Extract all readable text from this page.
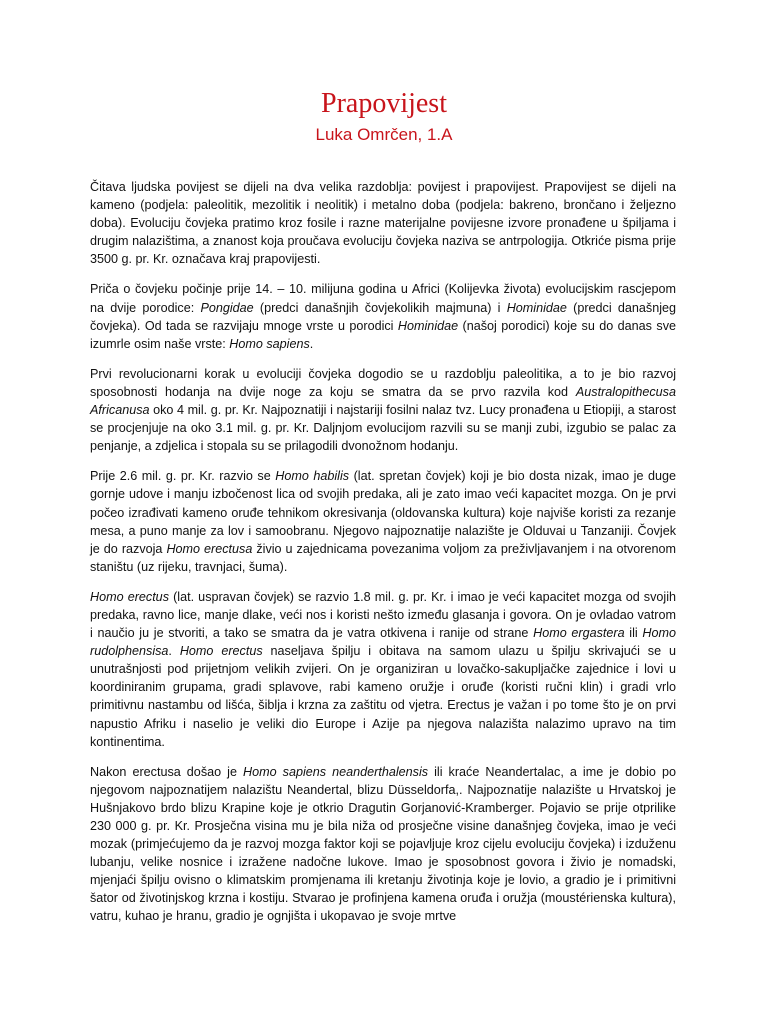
Prapovijest
Luka Omrčen, 1.A

Čitava ljudska povijest se dijeli na dva velika razdoblja: povijest i prapovijest. Prapovijest se dijeli na kameno (podjela: paleolitik, mezolitik i neolitik) i metalno doba (podjela: bakreno, brončano i željezno doba). Evoluciju čovjeka pratimo kroz fosile i razne materijalne povijesne izvore pronađene u špiljama i drugim nalazištima, a znanost koja proučava evoluciju čovjeka naziva se antrpologija. Otkriće pisma prije 3500 g. pr. Kr. označava kraj prapovijesti.

Priča o čovjeku počinje prije 14. – 10. milijuna godina u Africi (Kolijevka života) evolucijskim rascjepom na dvije porodice: Pongidae (predci današnjih čovjekolikih majmuna) i Hominidae (predci današnjeg čovjeka). Od tada se razvijaju mnoge vrste u porodici Hominidae (našoj porodici) koje su do danas sve izumrle osim naše vrste: Homo sapiens.

Prvi revolucionarni korak u evoluciji čovjeka dogodio se u razdoblju paleolitika, a to je bio razvoj sposobnosti hodanja na dvije noge za koju se smatra da se prvo razvila kod Australopithecusa Africanusa oko 4 mil. g. pr. Kr. Najpoznatiji i najstariji fosilni nalaz tvz. Lucy pronađena u Etiopiji, a starost se procjenjuje na oko 3.1 mil. g. pr. Kr. Daljnjom evolucijom razvili su se manji zubi, izgubio se palac za penjanje, a zdjelica i stopala su se prilagodili dvonožnom hodanju.

Prije 2.6 mil. g. pr. Kr. razvio se Homo habilis (lat. spretan čovjek) koji je bio dosta nizak, imao je duge gornje udove i manju izbočenost lica od svojih predaka, ali je zato imao veći kapacitet mozga. On je prvi počeo izrađivati kameno oruđe tehnikom okresivanja (oldovanska kultura) koje najviše koristi za rezanje mesa, a puno manje za lov i samoobranu. Njegovo najpoznatije nalazište je Olduvai u Tanzaniji. Čovjek je do razvoja Homo erectusa živio u zajednicama povezanima voljom za preživljavanjem i na otvorenom staništu (uz rijeku, travnjaci, šuma).

Homo erectus (lat. uspravan čovjek) se razvio 1.8 mil. g. pr. Kr. i imao je veći kapacitet mozga od svojih predaka, ravno lice, manje dlake, veći nos i koristi nešto između glasanja i govora. On je ovladao vatrom i naučio ju je stvoriti, a tako se smatra da je vatra otkivena i ranije od strane Homo ergastera ili Homo rudolphensisa. Homo erectus naseljava špilju i obitava na samom ulazu u špilju skrivajući se u unutrašnjosti pod prijetnjom velikih zvijeri. On je organiziran u lovačko-sakupljačke zajednice i lovi u koordiniranim grupama, gradi splavove, rabi kameno oružje i oruđe (koristi ručni klin) i gradi vrlo primitivnu nastambu od lišća, šiblja i krzna za zaštitu od vjetra. Erectus je važan i po tome što je on prvi napustio Afriku i naselio je veliki dio Europe i Azije pa njegova nalazišta nalazimo upravo na tim kontinentima.

Nakon erectusa došao je Homo sapiens neanderthalensis ili kraće Neandertalac, a ime je dobio po njegovom najpoznatijem nalazištu Neandertal, blizu Düsseldorfa,. Najpoznatije nalazište u Hrvatskoj je Hušnjakovo brdo blizu Krapine koje je otkrio Dragutin Gorjanović-Kramberger. Pojavio se prije otprilike 230 000 g. pr. Kr. Prosječna visina mu je bila niža od prosječne visine današnjeg čovjeka, imao je veći mozak (primjećujemo da je razvoj mozga faktor koji se pojavljuje kroz cijelu evoluciju čovjeka) i izduženu lubanju, velike nosnice i izražene nadočne lukove. Imao je sposobnost govora i živio je nomadski, mjenjaći špilju ovisno o klimatskim promjenama ili kretanju životinja koje je lovio, a gradio je i primitivni šator od životinjskog krzna i kostiju. Stvarao je profinjena kamena oruđa i oružja (moustérienska kultura), vatru, kuhao je hranu, gradio je ognjišta i ukopavao je svoje mrtve
